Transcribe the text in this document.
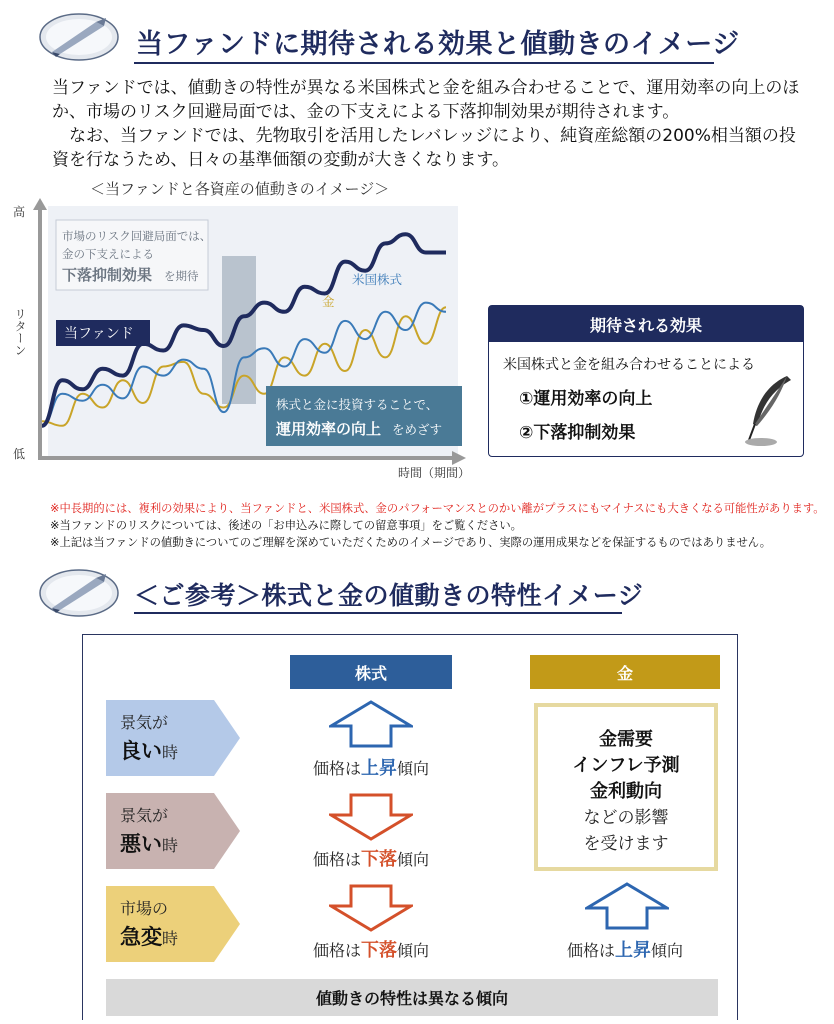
当ファンドに期待される効果と値動きのイメージ
当ファンドでは、値動きの特性が異なる米国株式と金を組み合わせることで、運用効率の向上のほか、市場のリスク回避局面では、金の下支えによる下落抑制効果が期待されます。
なお、当ファンドでは、先物取引を活用したレバレッジにより、純資産総額の200%相当額の投資を行なうため、日々の基準価額の変動が大きくなります。
＜当ファンドと各資産の値動きのイメージ＞
高
低
リターン
時間（期間）
市場のリスク回避局面では、
金の下支えによる
下落抑制効果 を期待
当ファンド
金
米国株式
株式と金に投資することで、
運用効率の向上 をめざす
期待される効果
米国株式と金を組み合わせることによる
①運用効率の向上
②下落抑制効果
※中長期的には、複利の効果により、当ファンドと、米国株式、金のパフォーマンスとのかい離がプラスにもマイナスにも大きくなる可能性があります。
※当ファンドのリスクについては、後述の「お申込みに際しての留意事項」をご覧ください。
※上記は当ファンドの値動きについてのご理解を深めていただくためのイメージであり、実際の運用成果などを保証するものではありません。
＜ご参考＞株式と金の値動きの特性イメージ
株式	金
景気が
良い時
景気が
悪い時
市場の
急変時
価格は上昇傾向
価格は下落傾向
価格は下落傾向
金需要
インフレ予測
金利動向
などの影響
を受けます
価格は上昇傾向
値動きの特性は異なる傾向
